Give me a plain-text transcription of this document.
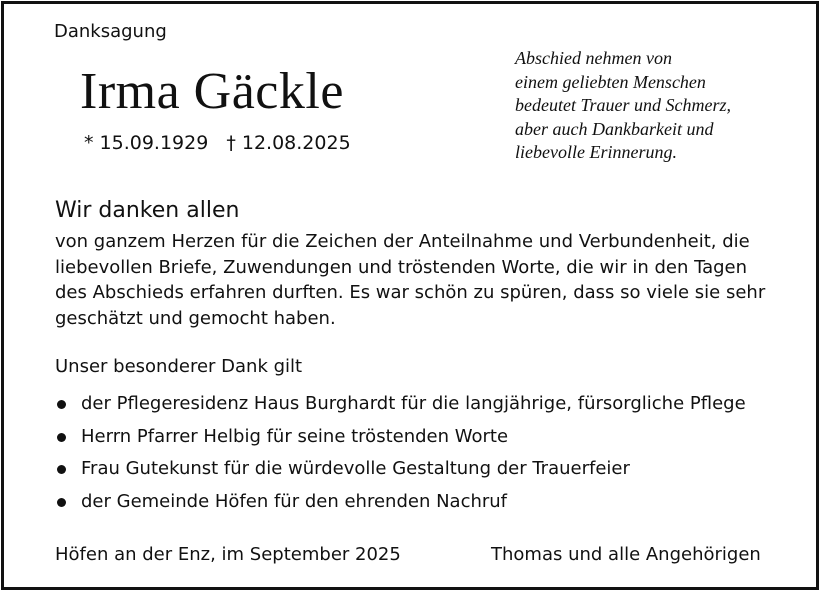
Danksagung
Irma Gäckle
* 15.09.1929 † 12.08.2025
Abschied nehmen von
einem geliebten Menschen
bedeutet Trauer und Schmerz,
aber auch Dankbarkeit und
liebevolle Erinnerung.
Wir danken allen
von ganzem Herzen für die Zeichen der Anteilnahme und Verbundenheit, die
liebevollen Briefe, Zuwendungen und tröstenden Worte, die wir in den Tagen
des Abschieds erfahren durften. Es war schön zu spüren, dass so viele sie sehr
geschätzt und gemocht haben.
Unser besonderer Dank gilt
der Pflegeresidenz Haus Burghardt für die langjährige, fürsorgliche Pflege
Herrn Pfarrer Helbig für seine tröstenden Worte
Frau Gutekunst für die würdevolle Gestaltung der Trauerfeier
der Gemeinde Höfen für den ehrenden Nachruf
Höfen an der Enz, im September 2025	Thomas und alle Angehörigen
